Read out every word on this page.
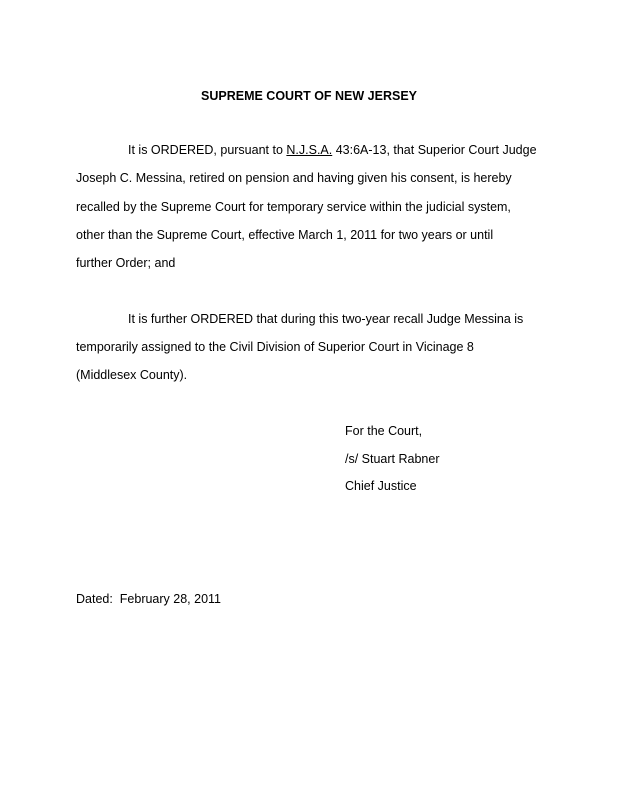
SUPREME COURT OF NEW JERSEY
It is ORDERED, pursuant to N.J.S.A. 43:6A-13, that Superior Court Judge
Joseph C. Messina, retired on pension and having given his consent, is hereby
recalled by the Supreme Court for temporary service within the judicial system,
other than the Supreme Court, effective March 1, 2011 for two years or until
further Order; and
It is further ORDERED that during this two-year recall Judge Messina is
temporarily assigned to the Civil Division of Superior Court in Vicinage 8
(Middlesex County).
For the Court,
/s/ Stuart Rabner
Chief Justice
Dated:  February 28, 2011
